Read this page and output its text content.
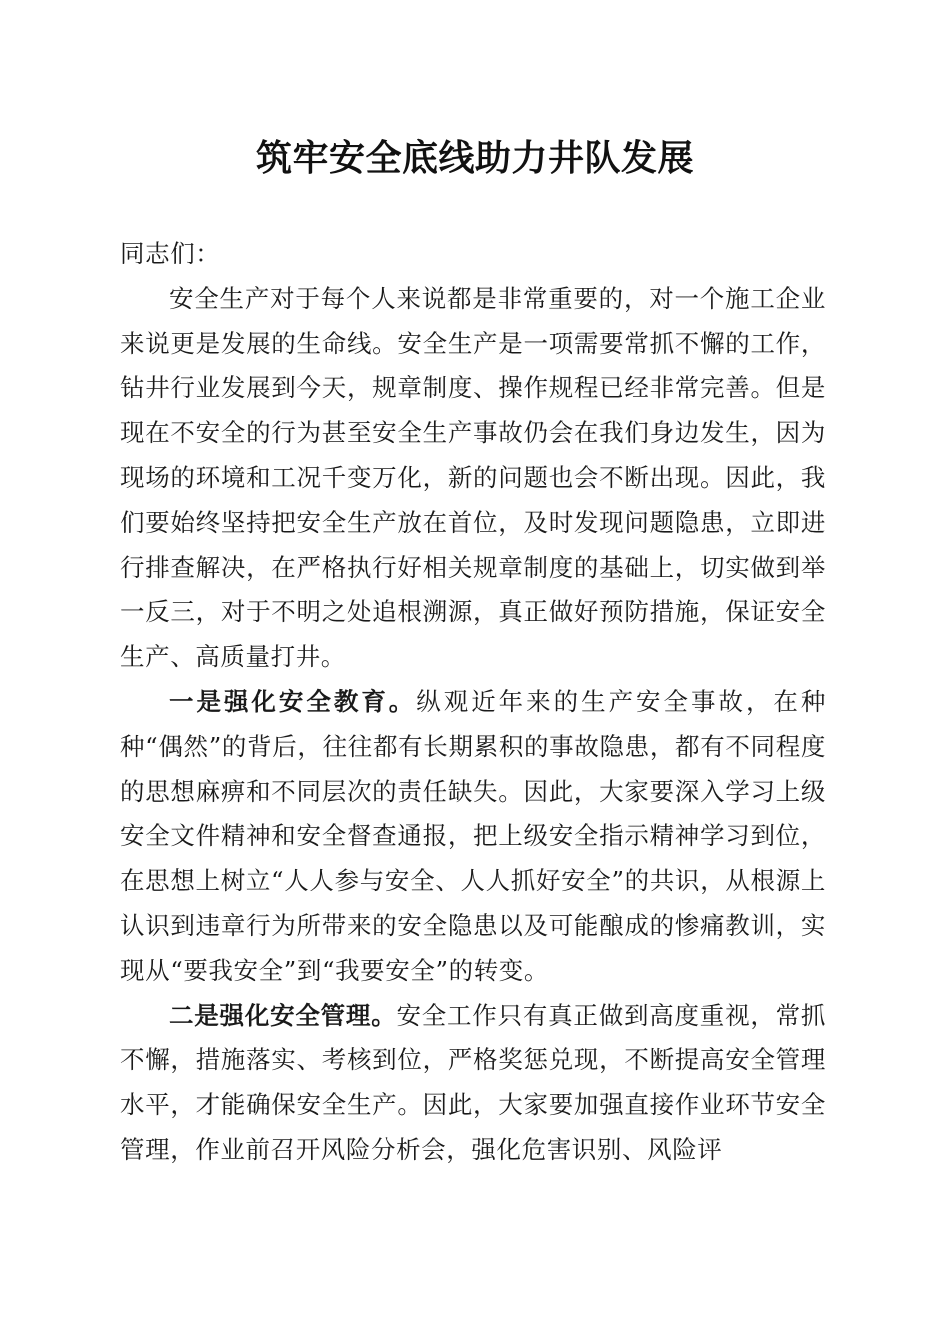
筑牢安全底线助力井队发展

同志们：

安全生产对于每个人来说都是非常重要的，对一个施工企业来说更是发展的生命线。安全生产是一项需要常抓不懈的工作，钻井行业发展到今天，规章制度、操作规程已经非常完善。但是现在不安全的行为甚至安全生产事故仍会在我们身边发生，因为现场的环境和工况千变万化，新的问题也会不断出现。因此，我们要始终坚持把安全生产放在首位，及时发现问题隐患，立即进行排查解决，在严格执行好相关规章制度的基础上，切实做到举一反三，对于不明之处追根溯源，真正做好预防措施，保证安全生产、高质量打井。

一是强化安全教育。纵观近年来的生产安全事故，在种种“偶然”的背后，往往都有长期累积的事故隐患，都有不同程度的思想麻痹和不同层次的责任缺失。因此，大家要深入学习上级安全文件精神和安全督查通报，把上级安全指示精神学习到位，在思想上树立“人人参与安全、人人抓好安全”的共识，从根源上认识到违章行为所带来的安全隐患以及可能酿成的惨痛教训，实现从“要我安全”到“我要安全”的转变。

二是强化安全管理。安全工作只有真正做到高度重视，常抓不懈，措施落实、考核到位，严格奖惩兑现，不断提高安全管理水平，才能确保安全生产。因此，大家要加强直接作业环节安全管理，作业前召开风险分析会，强化危害识别、风险评
